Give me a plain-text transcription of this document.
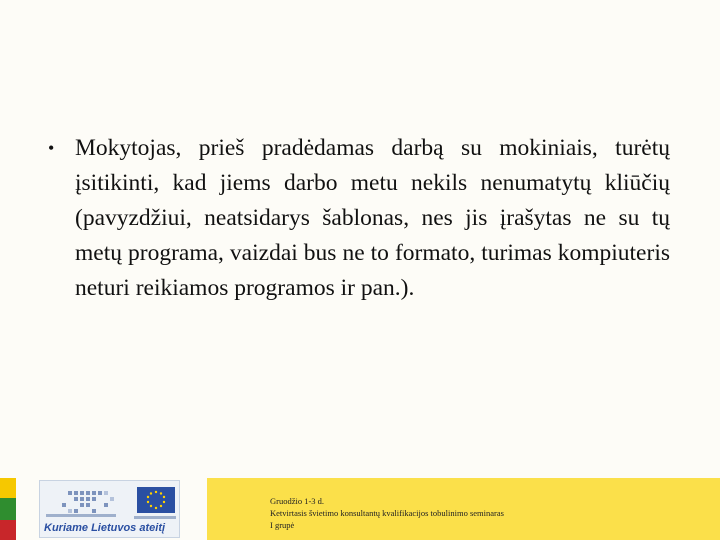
• Mokytojas, prieš pradėdamas darbą su mokiniais, turėtų įsitikinti, kad jiems darbo metu nekils nenumatytų kliūčių (pavyzdžiui, neatsidarys šablonas, nes jis įrašytas ne su tų metų programa, vaizdai bus ne to formato, turimas kompiuteris neturi reikiamos programos ir pan.).
Kuriame Lietuvos ateitį
Gruodžio 1-3 d.
Ketvirtasis švietimo konsultantų kvalifikacijos tobulinimo seminaras
I grupė
